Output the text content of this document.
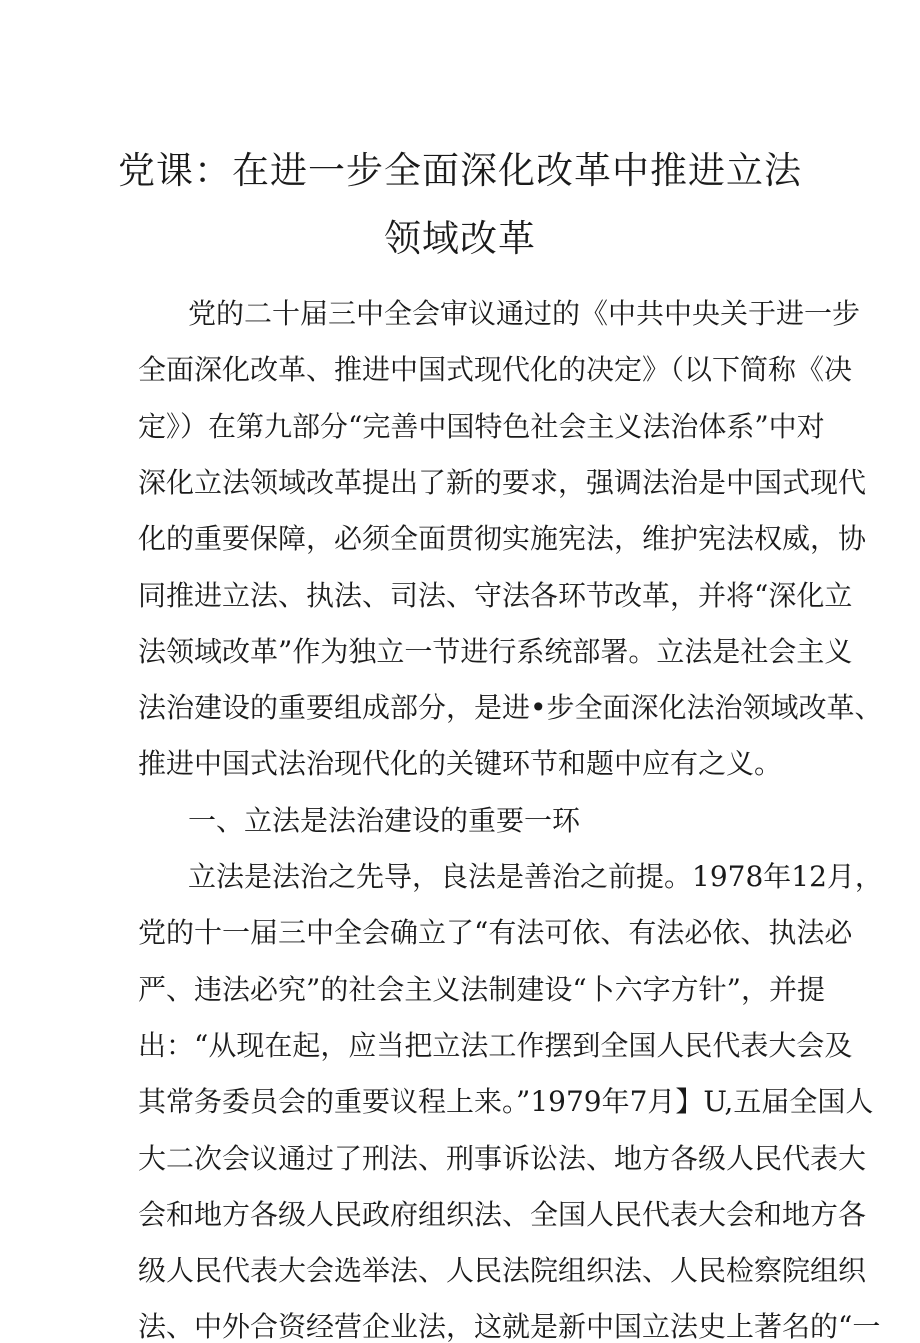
党课：在进一步全面深化改革中推进立法
领域改革

党的二十届三中全会审议通过的《中共中央关于进一步

全面深化改革、推进中国式现代化的决定》（以下简称《决

定》）在第九部分“完善中国特色社会主义法治体系”中对

深化立法领域改革提出了新的要求，强调法治是中国式现代

化的重要保障，必须全面贯彻实施宪法，维护宪法权威，协

同推进立法、执法、司法、守法各环节改革，并将“深化立

法领域改革”作为独立一节进行系统部署。立法是社会主义

法治建设的重要组成部分，是进•步全面深化法治领域改革、

推进中国式法治现代化的关键环节和题中应有之义。

一、立法是法治建设的重要一环

立法是法治之先导，良法是善治之前提。1978年12月，

党的十一届三中全会确立了“有法可依、有法必依、执法必

严、违法必究”的社会主义法制建设“卜六字方针”，并提

出：“从现在起，应当把立法工作摆到全国人民代表大会及

其常务委员会的重要议程上来。”1979年7月】U,五届全国人

大二次会议通过了刑法、刑事诉讼法、地方各级人民代表大

会和地方各级人民政府组织法、全国人民代表大会和地方各

级人民代表大会选举法、人民法院组织法、人民检察院组织

法、中外合资经营企业法，这就是新中国立法史上著名的“一
